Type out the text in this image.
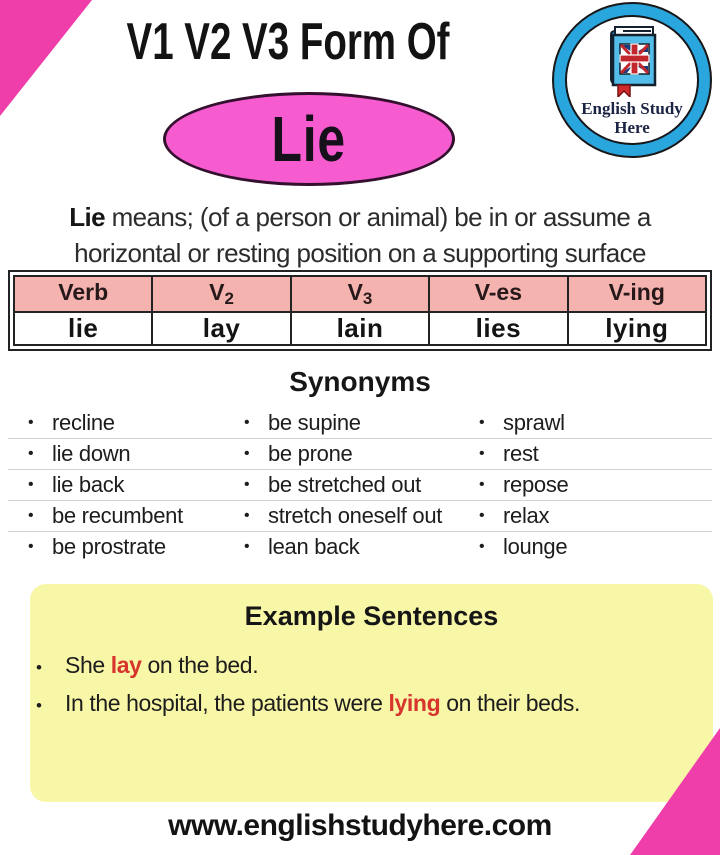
V1 V2 V3 Form Of
Lie	English Study
Here
Lie means; (of a person or animal) be in or assume a
horizontal or resting position on a supporting surface
Verb	$V_2$	$V_3$	V-es	V-ing
lie	lay	lain	lies	lying
Synonyms
• recline	• be supine	• sprawl
• lie down	• be prone	• rest
• lie back	• be stretched out	• repose
• be recumbent	• stretch oneself out	• relax
• be prostrate	• lean back	• lounge
Example Sentences
•	She lay on the bed.
•	In the hospital, the patients were lying on their beds.
www.englishstudyhere.com
